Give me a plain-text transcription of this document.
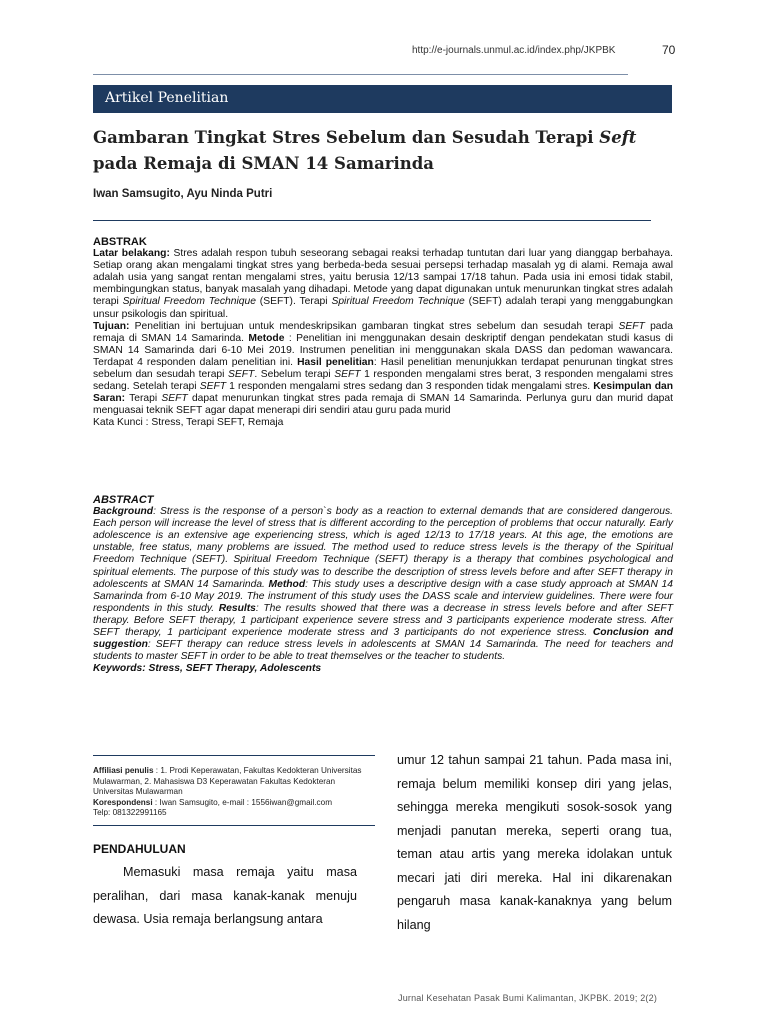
http://e-journals.unmul.ac.id/index.php/JKPBK	70
Artikel Penelitian
Gambaran Tingkat Stres Sebelum dan Sesudah Terapi Seft pada Remaja di SMAN 14 Samarinda
Iwan Samsugito, Ayu Ninda Putri
ABSTRAK

Latar belakang: Stres adalah respon tubuh seseorang sebagai reaksi terhadap tuntutan dari luar yang dianggap berbahaya. Setiap orang akan mengalami tingkat stres yang berbeda-beda sesuai persepsi terhadap masalah yg di alami. Remaja awal adalah usia yang sangat rentan mengalami stres, yaitu berusia 12/13 sampai 17/18 tahun. Pada usia ini emosi tidak stabil, membingungkan status, banyak masalah yang dihadapi. Metode yang dapat digunakan untuk menurunkan tingkat stres adalah terapi Spiritual Freedom Technique (SEFT). Terapi Spiritual Freedom Technique (SEFT) adalah terapi yang menggabungkan unsur psikologis dan spiritual.
Tujuan: Penelitian ini bertujuan untuk mendeskripsikan gambaran tingkat stres sebelum dan sesudah terapi SEFT pada remaja di SMAN 14 Samarinda. Metode : Penelitian ini menggunakan desain deskriptif dengan pendekatan studi kasus di SMAN 14 Samarinda dari 6-10 Mei 2019. Instrumen penelitian ini menggunakan skala DASS dan pedoman wawancara. Terdapat 4 responden dalam penelitian ini. Hasil penelitian: Hasil penelitian menunjukkan terdapat penurunan tingkat stres sebelum dan sesudah terapi SEFT. Sebelum terapi SEFT 1 responden mengalami stres berat, 3 responden mengalami stres sedang. Setelah terapi SEFT 1 responden mengalami stres sedang dan 3 responden tidak mengalami stres. Kesimpulan dan Saran: Terapi SEFT dapat menurunkan tingkat stres pada remaja di SMAN 14 Samarinda. Perlunya guru dan murid dapat menguasai teknik SEFT agar dapat menerapi diri sendiri atau guru pada murid

Kata Kunci : Stress, Terapi SEFT, Remaja

ABSTRACT

Background: Stress is the response of a person`s body as a reaction to external demands that are considered dangerous. Each person will increase the level of stress that is different according to the perception of problems that occur naturally. Early adolescence is an extensive age experiencing stress, which is aged 12/13 to 17/18 years. At this age, the emotions are unstable, free status, many problems are issued. The method used to reduce stress levels is the therapy of the Spiritual Freedom Technique (SEFT). Spiritual Freedom Technique (SEFT) therapy is a therapy that combines psychological and spiritual elements. The purpose of this study was to describe the description of stress levels before and after SEFT therapy in adolescents at SMAN 14 Samarinda. Method: This study uses a descriptive design with a case study approach at SMAN 14 Samarinda from 6-10 May 2019. The instrument of this study uses the DASS scale and interview guidelines. There were four respondents in this study. Results: The results showed that there was a decrease in stress levels before and after SEFT therapy. Before SEFT therapy, 1 participant experience severe stress and 3 participants experience moderate stress. After SEFT therapy, 1 participant experience moderate stress and 3 participants do not experience stress. Conclusion and suggestion: SEFT therapy can reduce stress levels in adolescents at SMAN 14 Samarinda. The need for teachers and students to master SEFT in order to be able to treat themselves or the teacher to students.

Keywords: Stress, SEFT Therapy, Adolescents

Affiliasi penulis : 1. Prodi Keperawatan, Fakultas Kedokteran Universitas Mulawarman, 2. Mahasiswa D3 Keperawatan Fakultas Kedokteran Universitas Mulawarman

Korespondensi : Iwan Samsugito, e-mail : 1556iwan@gmail.com

Telp: 081322991165

PENDAHULUAN

Memasuki masa remaja yaitu masa peralihan, dari masa kanak-kanak menuju dewasa. Usia remaja berlangsung antara

umur 12 tahun sampai 21 tahun. Pada masa ini, remaja belum memiliki konsep diri yang jelas, sehingga mereka mengikuti sosok-sosok yang menjadi panutan mereka, seperti orang tua, teman atau artis yang mereka idolakan untuk mecari jati diri mereka. Hal ini dikarenakan pengaruh masa kanak-kanaknya yang belum hilang

Jurnal Kesehatan Pasak Bumi Kalimantan, JKPBK. 2019; 2(2)
